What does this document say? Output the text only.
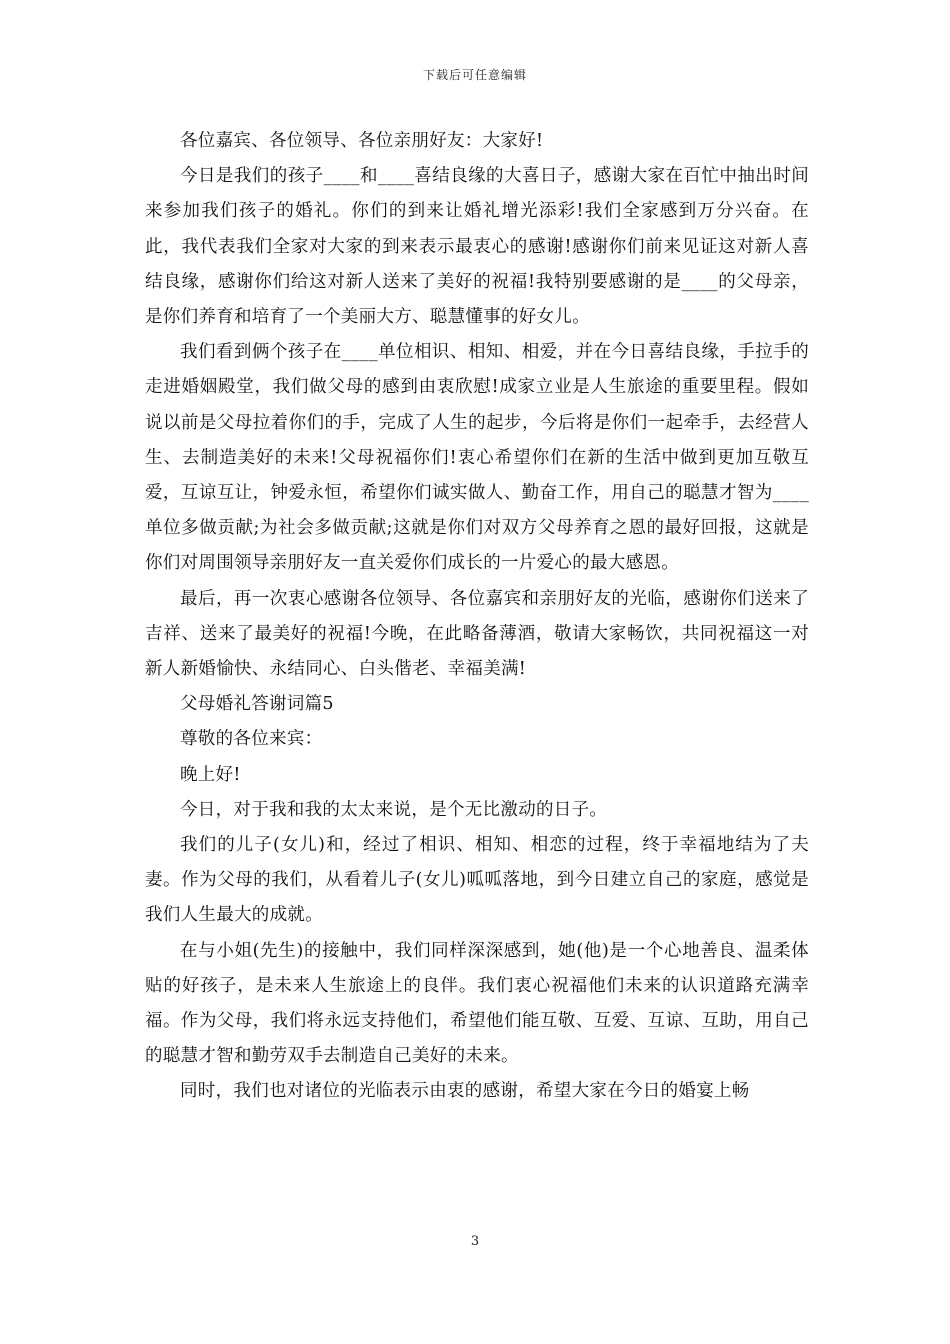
下载后可任意编辑

各位嘉宾、各位领导、各位亲朋好友：大家好!

今日是我们的孩子____和____喜结良缘的大喜日子，感谢大家在百忙中抽出时间来参加我们孩子的婚礼。你们的到来让婚礼增光添彩!我们全家感到万分兴奋。在此，我代表我们全家对大家的到来表示最衷心的感谢!感谢你们前来见证这对新人喜结良缘，感谢你们给这对新人送来了美好的祝福!我特别要感谢的是____的父母亲，是你们养育和培育了一个美丽大方、聪慧懂事的好女儿。

我们看到俩个孩子在____单位相识、相知、相爱，并在今日喜结良缘，手拉手的走进婚姻殿堂，我们做父母的感到由衷欣慰!成家立业是人生旅途的重要里程。假如说以前是父母拉着你们的手，完成了人生的起步，今后将是你们一起牵手，去经营人生、去制造美好的未来!父母祝福你们!衷心希望你们在新的生活中做到更加互敬互爱，互谅互让，钟爱永恒，希望你们诚实做人、勤奋工作，用自己的聪慧才智为____单位多做贡献;为社会多做贡献;这就是你们对双方父母养育之恩的最好回报，这就是你们对周围领导亲朋好友一直关爱你们成长的一片爱心的最大感恩。

最后，再一次衷心感谢各位领导、各位嘉宾和亲朋好友的光临，感谢你们送来了吉祥、送来了最美好的祝福!今晚，在此略备薄酒，敬请大家畅饮，共同祝福这一对新人新婚愉快、永结同心、白头偕老、幸福美满!

父母婚礼答谢词篇5

尊敬的各位来宾：

晚上好!

今日，对于我和我的太太来说，是个无比激动的日子。

我们的儿子(女儿)和，经过了相识、相知、相恋的过程，终于幸福地结为了夫妻。作为父母的我们，从看着儿子(女儿)呱呱落地，到今日建立自己的家庭，感觉是我们人生最大的成就。

在与小姐(先生)的接触中，我们同样深深感到，她(他)是一个心地善良、温柔体贴的好孩子，是未来人生旅途上的良伴。我们衷心祝福他们未来的认识道路充满幸福。作为父母，我们将永远支持他们，希望他们能互敬、互爱、互谅、互助，用自己的聪慧才智和勤劳双手去制造自己美好的未来。

同时，我们也对诸位的光临表示由衷的感谢，希望大家在今日的婚宴上畅

3
